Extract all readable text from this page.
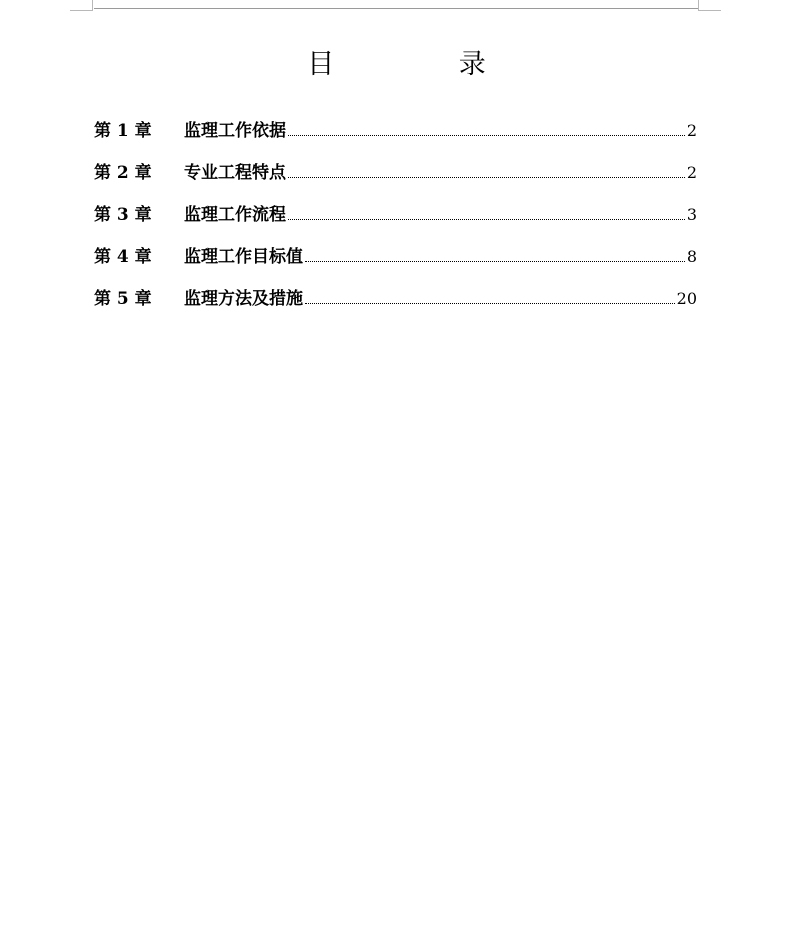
目 录
第 1 章	监理工作依据	2
第 2 章	专业工程特点	2
第 3 章	监理工作流程	3
第 4 章	监理工作目标值	8
第 5 章	监理方法及措施	20
